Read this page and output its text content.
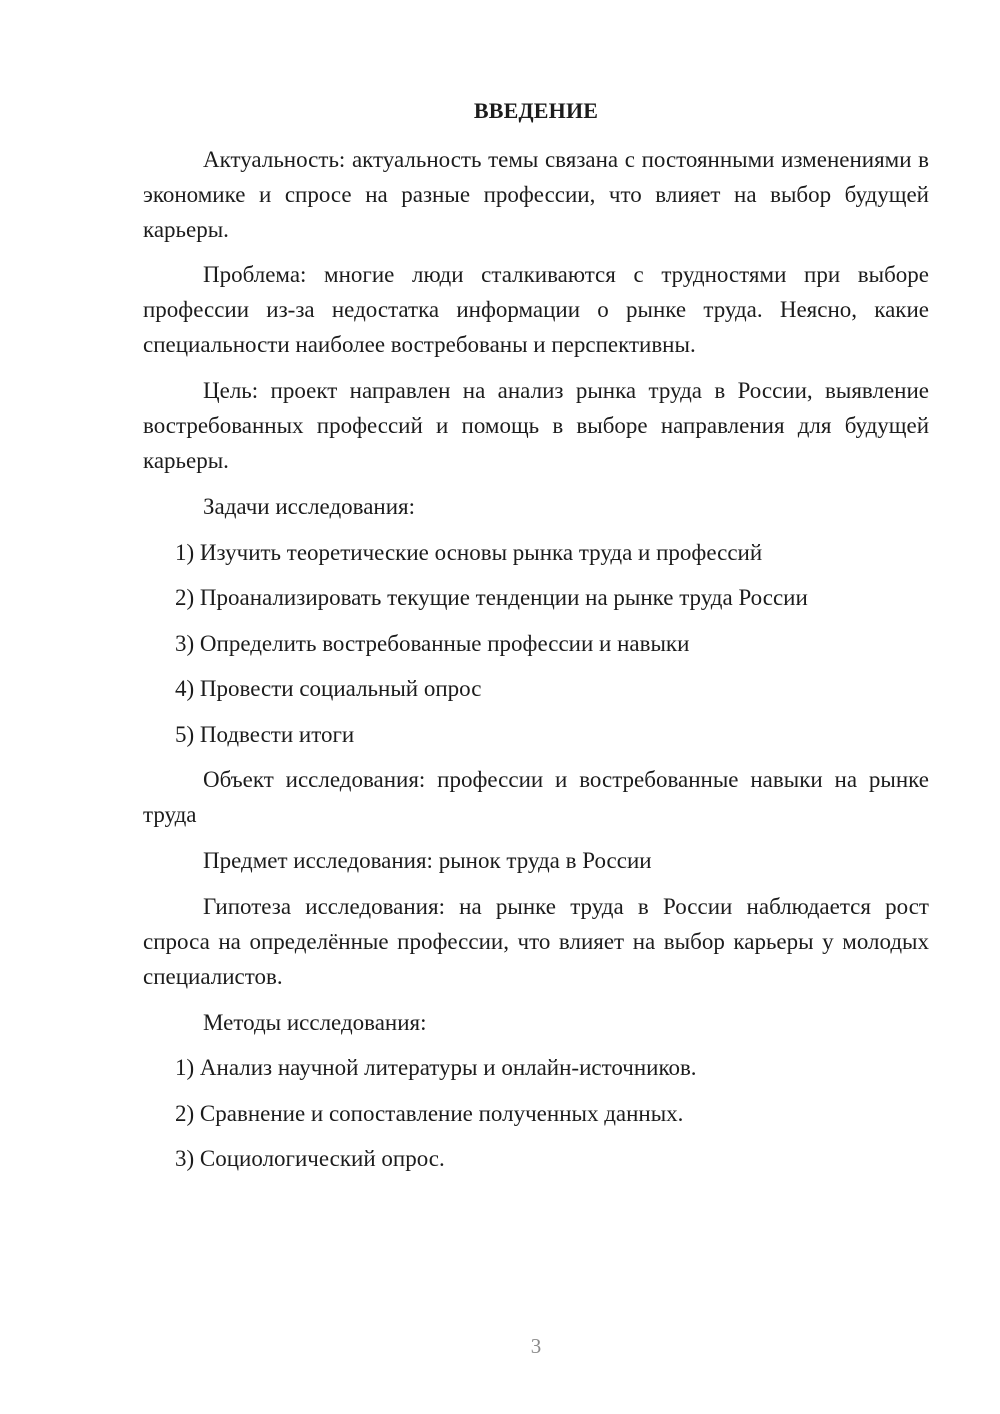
ВВЕДЕНИЕ

Актуальность: актуальность темы связана с постоянными изменениями в экономике и спросе на разные профессии, что влияет на выбор будущей карьеры.

Проблема: многие люди сталкиваются с трудностями при выборе профессии из-за недостатка информации о рынке труда. Неясно, какие специальности наиболее востребованы и перспективны.

Цель: проект направлен на анализ рынка труда в России, выявление востребованных профессий и помощь в выборе направления для будущей карьеры.

Задачи исследования:

1) Изучить теоретические основы рынка труда и профессий

2) Проанализировать текущие тенденции на рынке труда России

3) Определить востребованные профессии и навыки

4) Провести социальный опрос

5) Подвести итоги

Объект исследования: профессии и востребованные навыки на рынке труда

Предмет исследования: рынок труда в России

Гипотеза исследования: на рынке труда в России наблюдается рост спроса на определённые профессии, что влияет на выбор карьеры у молодых специалистов.

Методы исследования:

1) Анализ научной литературы и онлайн-источников.

2) Сравнение и сопоставление полученных данных.

3) Социологический опрос.

3
